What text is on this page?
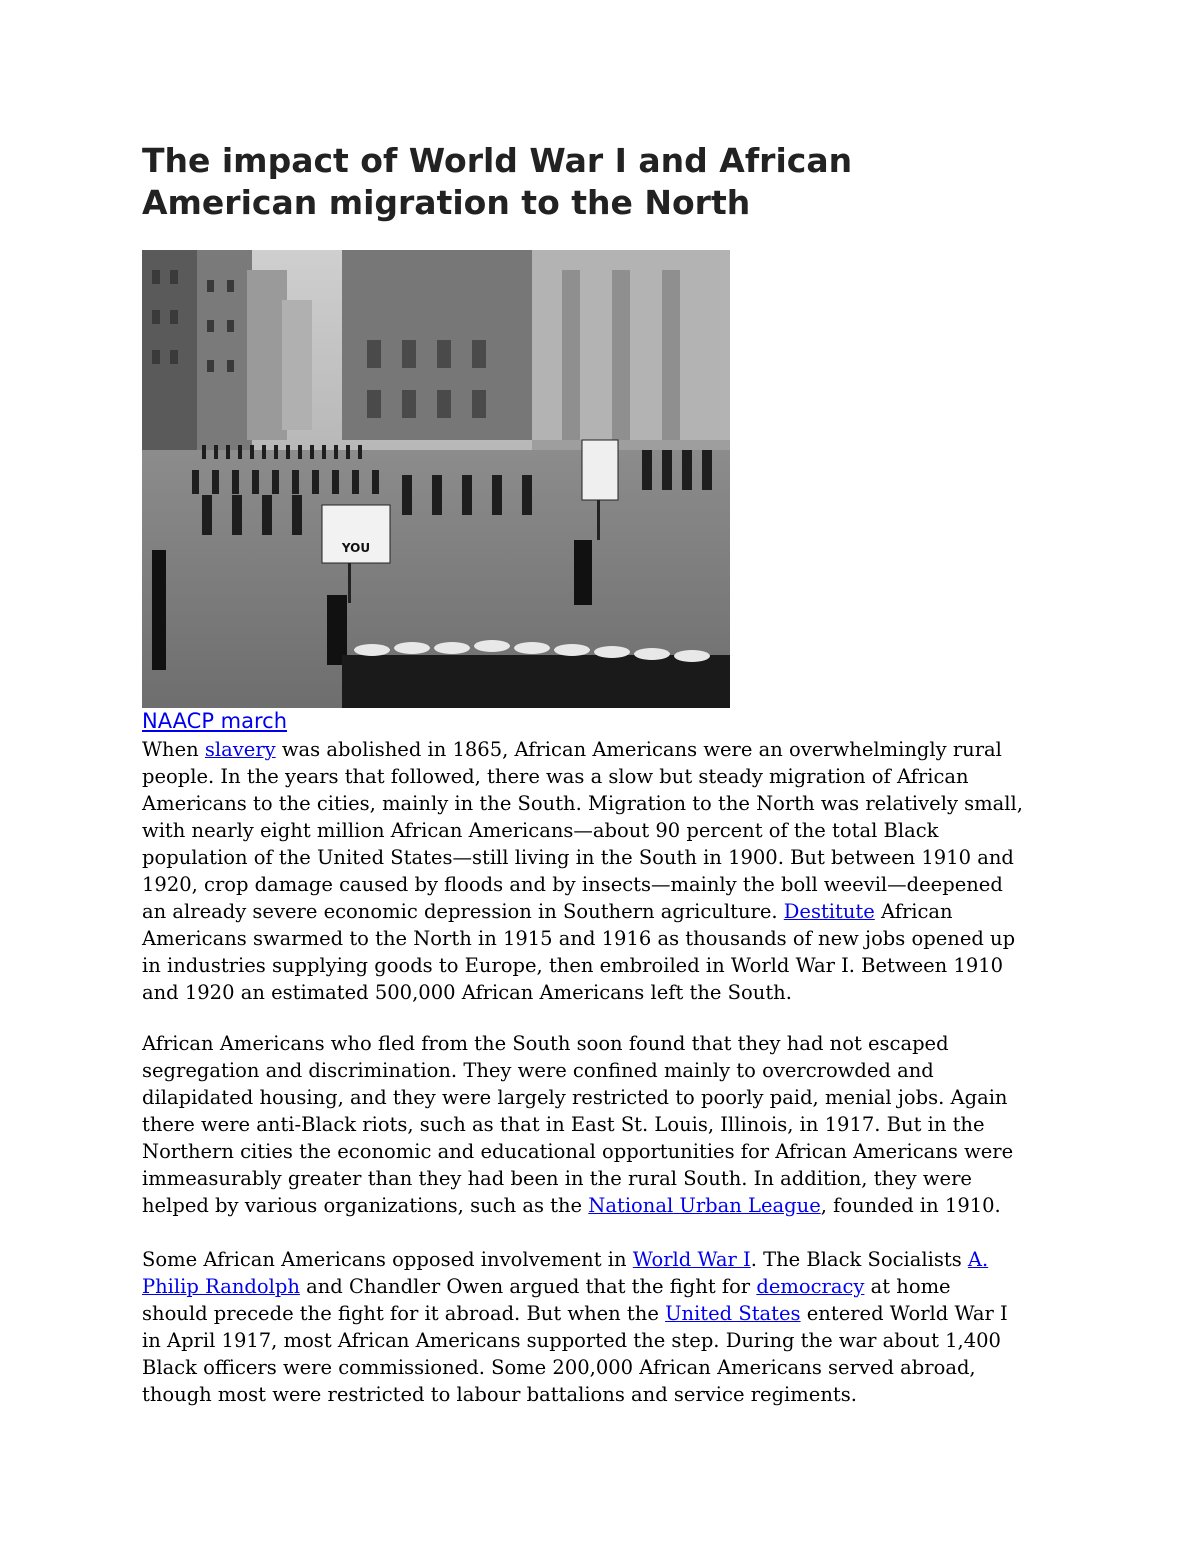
The impact of World War I and African
American migration to the North
YOU

NAACP march

When slavery was abolished in 1865, African Americans were an overwhelmingly rural
people. In the years that followed, there was a slow but steady migration of African
Americans to the cities, mainly in the South. Migration to the North was relatively small,
with nearly eight million African Americans—about 90 percent of the total Black
population of the United States—still living in the South in 1900. But between 1910 and
1920, crop damage caused by floods and by insects—mainly the boll weevil—deepened
an already severe economic depression in Southern agriculture. Destitute African
Americans swarmed to the North in 1915 and 1916 as thousands of new jobs opened up
in industries supplying goods to Europe, then embroiled in World War I. Between 1910
and 1920 an estimated 500,000 African Americans left the South.
African Americans who fled from the South soon found that they had not escaped
segregation and discrimination. They were confined mainly to overcrowded and
dilapidated housing, and they were largely restricted to poorly paid, menial jobs. Again
there were anti-Black riots, such as that in East St. Louis, Illinois, in 1917. But in the
Northern cities the economic and educational opportunities for African Americans were
immeasurably greater than they had been in the rural South. In addition, they were
helped by various organizations, such as the National Urban League, founded in 1910.
Some African Americans opposed involvement in World War I. The Black Socialists A.
Philip Randolph and Chandler Owen argued that the fight for democracy at home
should precede the fight for it abroad. But when the United States entered World War I
in April 1917, most African Americans supported the step. During the war about 1,400
Black officers were commissioned. Some 200,000 African Americans served abroad,
though most were restricted to labour battalions and service regiments.
